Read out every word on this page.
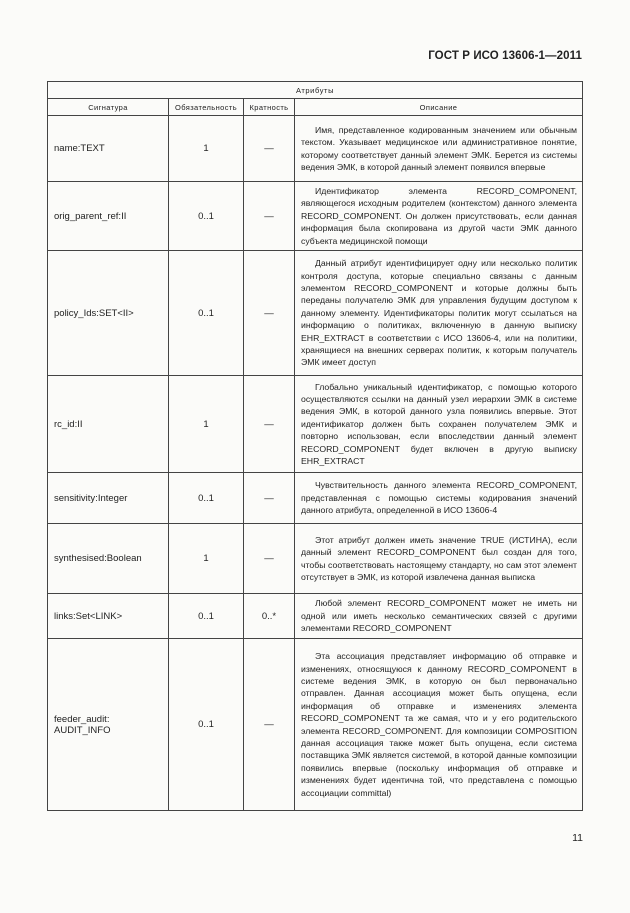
ГОСТ Р ИСО 13606-1—2011
Атрибуты			
Сигнатура	Обязательность	Кратность	Описание
name:TEXT	1	—	Имя, представленное кодированным значением или обычным текстом. Указывает медицинское или административное понятие, которому соответствует данный элемент ЭМК. Берется из системы ведения ЭМК, в которой данный элемент появился впервые
orig_parent_ref:II	0..1	—	Идентификатор элемента RECORD_COMPONENT, являющегося исходным родителем (контекстом) данного элемента RECORD_COMPONENT. Он должен присутствовать, если данная информация была скопирована из другой части ЭМК данного субъекта медицинской помощи
policy_Ids:SET<II>	0..1	—	Данный атрибут идентифицирует одну или несколько политик контроля доступа, которые специально связаны с данным элементом RECORD_COMPONENT и которые должны быть переданы получателю ЭМК для управления будущим доступом к данному элементу. Идентификаторы политик могут ссылаться на информацию о политиках, включенную в данную выписку EHR_EXTRACT в соответствии с ИСО 13606-4, или на политики, хранящиеся на внешних серверах политик, к которым получатель ЭМК имеет доступ
rc_id:II	1	—	Глобально уникальный идентификатор, с помощью которого осуществляются ссылки на данный узел иерархии ЭМК в системе ведения ЭМК, в которой данного узла появились впервые. Этот идентификатор должен быть сохранен получателем ЭМК и повторно использован, если впоследствии данный элемент RECORD_COMPONENT будет включен в другую выписку EHR_EXTRACT
sensitivity:Integer	0..1	—	Чувствительность данного элемента RECORD_COMPONENT, представленная с помощью системы кодирования значений данного атрибута, определенной в ИСО 13606-4
synthesised:Boolean	1	—	Этот атрибут должен иметь значение TRUE (ИСТИНА), если данный элемент RECORD_COMPONENT был создан для того, чтобы соответствовать настоящему стандарту, но сам этот элемент отсутствует в ЭМК, из которой извлечена данная выписка
links:Set<LINK>	0..1	0..*	Любой элемент RECORD_COMPONENT может не иметь ни одной или иметь несколько семантических связей с другими элементами RECORD_COMPONENT
feeder_audit: AUDIT_INFO	0..1	—	Эта ассоциация представляет информацию об отправке и изменениях, относящуюся к данному RECORD_COMPONENT в системе ведения ЭМК, в которую он был первоначально отправлен. Данная ассоциация может быть опущена, если информация об отправке и изменениях элемента RECORD_COMPONENT та же самая, что и у его родительского элемента RECORD_COMPONENT. Для композиции COMPOSITION данная ассоциация также может быть опущена, если система поставщика ЭМК является системой, в которой данные композиции появились впервые (поскольку информация об отправке и изменениях будет идентична той, что представлена с помощью ассоциации committal)
11
